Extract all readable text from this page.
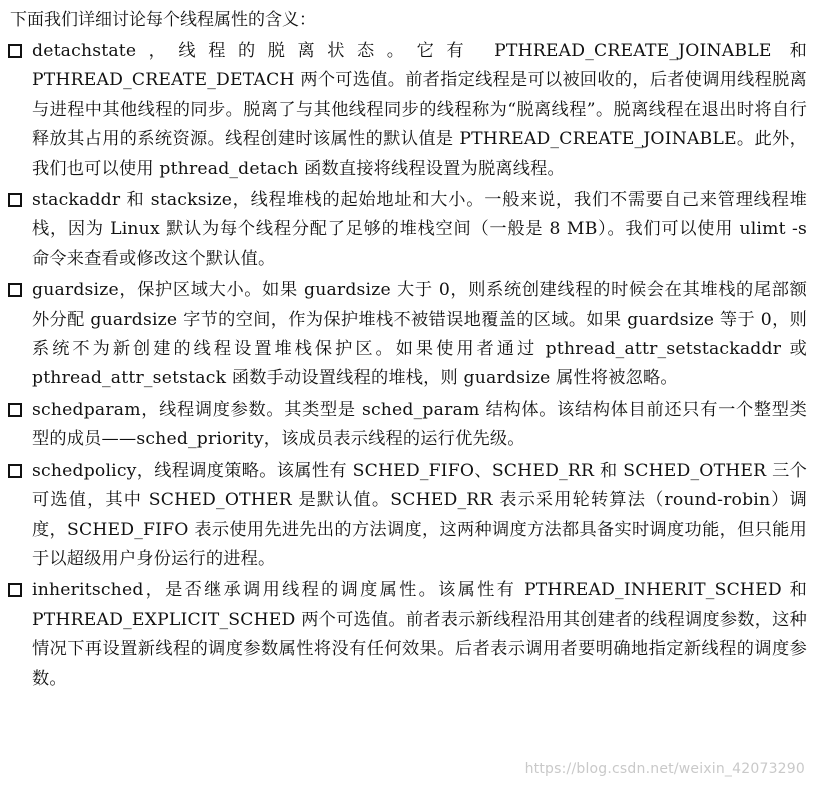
下面我们详细讨论每个线程属性的含义：
detachstate，线程的脱离状态。它有 PTHREAD_CREATE_JOINABLE 和 PTHREAD_CREATE_DETACH 两个可选值。前者指定线程是可以被回收的，后者使调用线程脱离与进程中其他线程的同步。脱离了与其他线程同步的线程称为“脱离线程”。脱离线程在退出时将自行释放其占用的系统资源。线程创建时该属性的默认值是 PTHREAD_CREATE_JOINABLE。此外，我们也可以使用 pthread_detach 函数直接将线程设置为脱离线程。
stackaddr 和 stacksize，线程堆栈的起始地址和大小。一般来说，我们不需要自己来管理线程堆栈，因为 Linux 默认为每个线程分配了足够的堆栈空间（一般是 8 MB）。我们可以使用 ulimt -s 命令来查看或修改这个默认值。
guardsize，保护区域大小。如果 guardsize 大于 0，则系统创建线程的时候会在其堆栈的尾部额外分配 guardsize 字节的空间，作为保护堆栈不被错误地覆盖的区域。如果 guardsize 等于 0，则系统不为新创建的线程设置堆栈保护区。如果使用者通过 pthread_attr_setstackaddr 或 pthread_attr_setstack 函数手动设置线程的堆栈，则 guardsize 属性将被忽略。
schedparam，线程调度参数。其类型是 sched_param 结构体。该结构体目前还只有一个整型类型的成员——sched_priority，该成员表示线程的运行优先级。
schedpolicy，线程调度策略。该属性有 SCHED_FIFO、SCHED_RR 和 SCHED_OTHER 三个可选值，其中 SCHED_OTHER 是默认值。SCHED_RR 表示采用轮转算法（round-robin）调度，SCHED_FIFO 表示使用先进先出的方法调度，这两种调度方法都具备实时调度功能，但只能用于以超级用户身份运行的进程。
inheritsched，是否继承调用线程的调度属性。该属性有 PTHREAD_INHERIT_SCHED 和 PTHREAD_EXPLICIT_SCHED 两个可选值。前者表示新线程沿用其创建者的线程调度参数，这种情况下再设置新线程的调度参数属性将没有任何效果。后者表示调用者要明确地指定新线程的调度参数。
https://blog.csdn.net/weixin_42073290
